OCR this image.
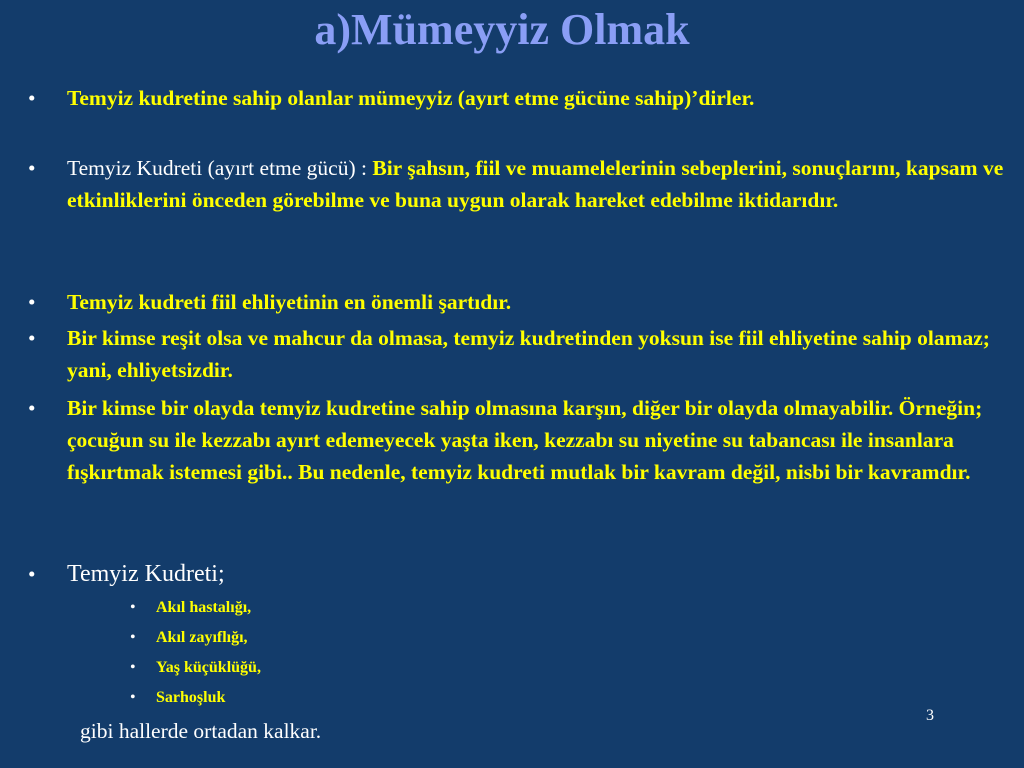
a)Mümeyyiz Olmak
• Temyiz kudretine sahip olanlar mümeyyiz (ayırt etme gücüne sahip)’dirler.
• Temyiz Kudreti (ayırt etme gücü) : Bir şahsın, fiil ve muamelelerinin sebeplerini, sonuçlarını, kapsam ve etkinliklerini önceden görebilme ve buna uygun olarak hareket edebilme iktidarıdır.
• Temyiz kudreti fiil ehliyetinin en önemli şartıdır.
• Bir kimse reşit olsa ve mahcur da olmasa, temyiz kudretinden yoksun ise fiil ehliyetine sahip olamaz; yani, ehliyetsizdir.
• Bir kimse bir olayda temyiz kudretine sahip olmasına karşın, diğer bir olayda olmayabilir. Örneğin; çocuğun su ile kezzabı ayırt edemeyecek yaşta iken, kezzabı su niyetine su tabancası ile insanlara fışkırtmak istemesi gibi.. Bu nedenle, temyiz kudreti mutlak bir kavram değil, nisbi bir kavramdır.
• Temyiz Kudreti;
• Akıl hastalığı,
• Akıl zayıflığı,
• Yaş küçüklüğü,
• Sarhoşluk
gibi hallerde ortadan kalkar.
3
